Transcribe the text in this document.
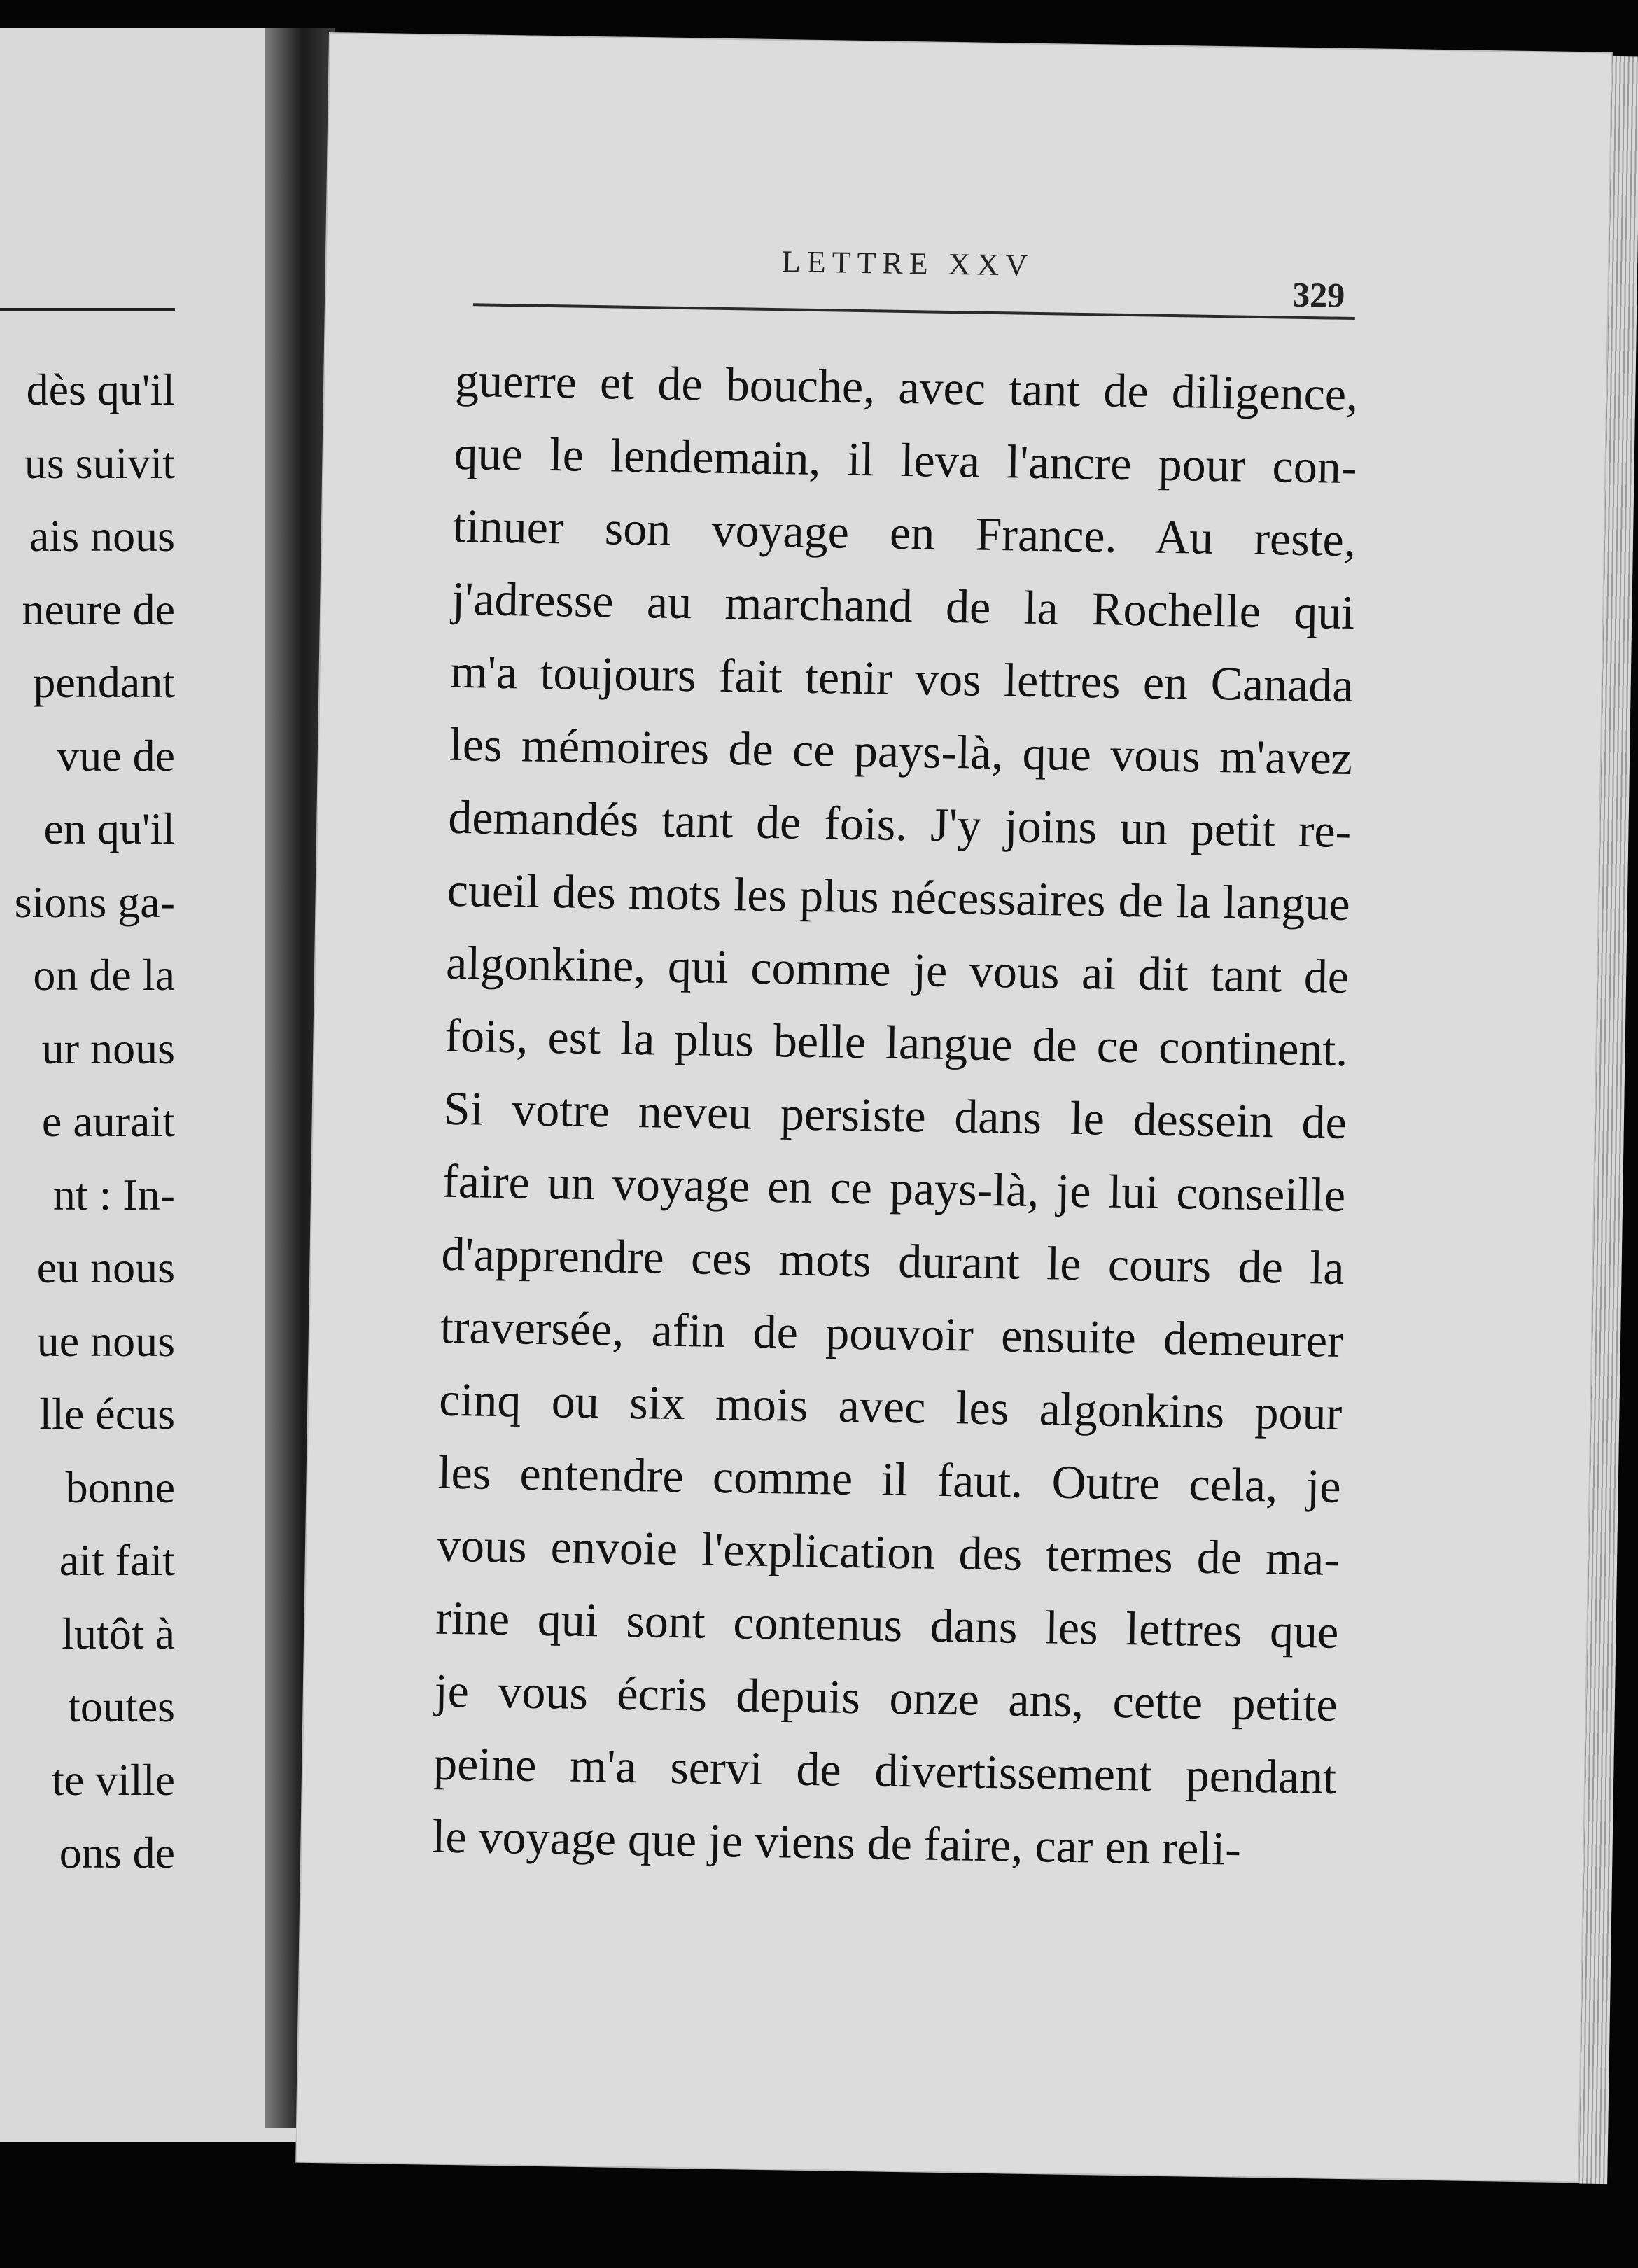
dès qu'il
us suivit
ais nous
neure de
pendant
vue de
en qu'il
sions ga-
on de la
ur nous
e aurait
nt : In-
eu nous
ue nous
lle écus
bonne
ait fait
lutôt à
toutes
te ville
ons de
LETTRE XXV
329
guerre et de bouche, avec tant de diligence,
que le lendemain, il leva l'ancre pour con-
tinuer son voyage en France. Au reste,
j'adresse au marchand de la Rochelle qui
m'a toujours fait tenir vos lettres en Canada
les mémoires de ce pays-là, que vous m'avez
demandés tant de fois. J'y joins un petit re-
cueil des mots les plus nécessaires de la langue
algonkine, qui comme je vous ai dit tant de
fois, est la plus belle langue de ce continent.
Si votre neveu persiste dans le dessein de
faire un voyage en ce pays-là, je lui conseille
d'apprendre ces mots durant le cours de la
traversée, afin de pouvoir ensuite demeurer
cinq ou six mois avec les algonkins pour
les entendre comme il faut. Outre cela, je
vous envoie l'explication des termes de ma-
rine qui sont contenus dans les lettres que
je vous écris depuis onze ans, cette petite
peine m'a servi de divertissement pendant
le voyage que je viens de faire, car en reli-
